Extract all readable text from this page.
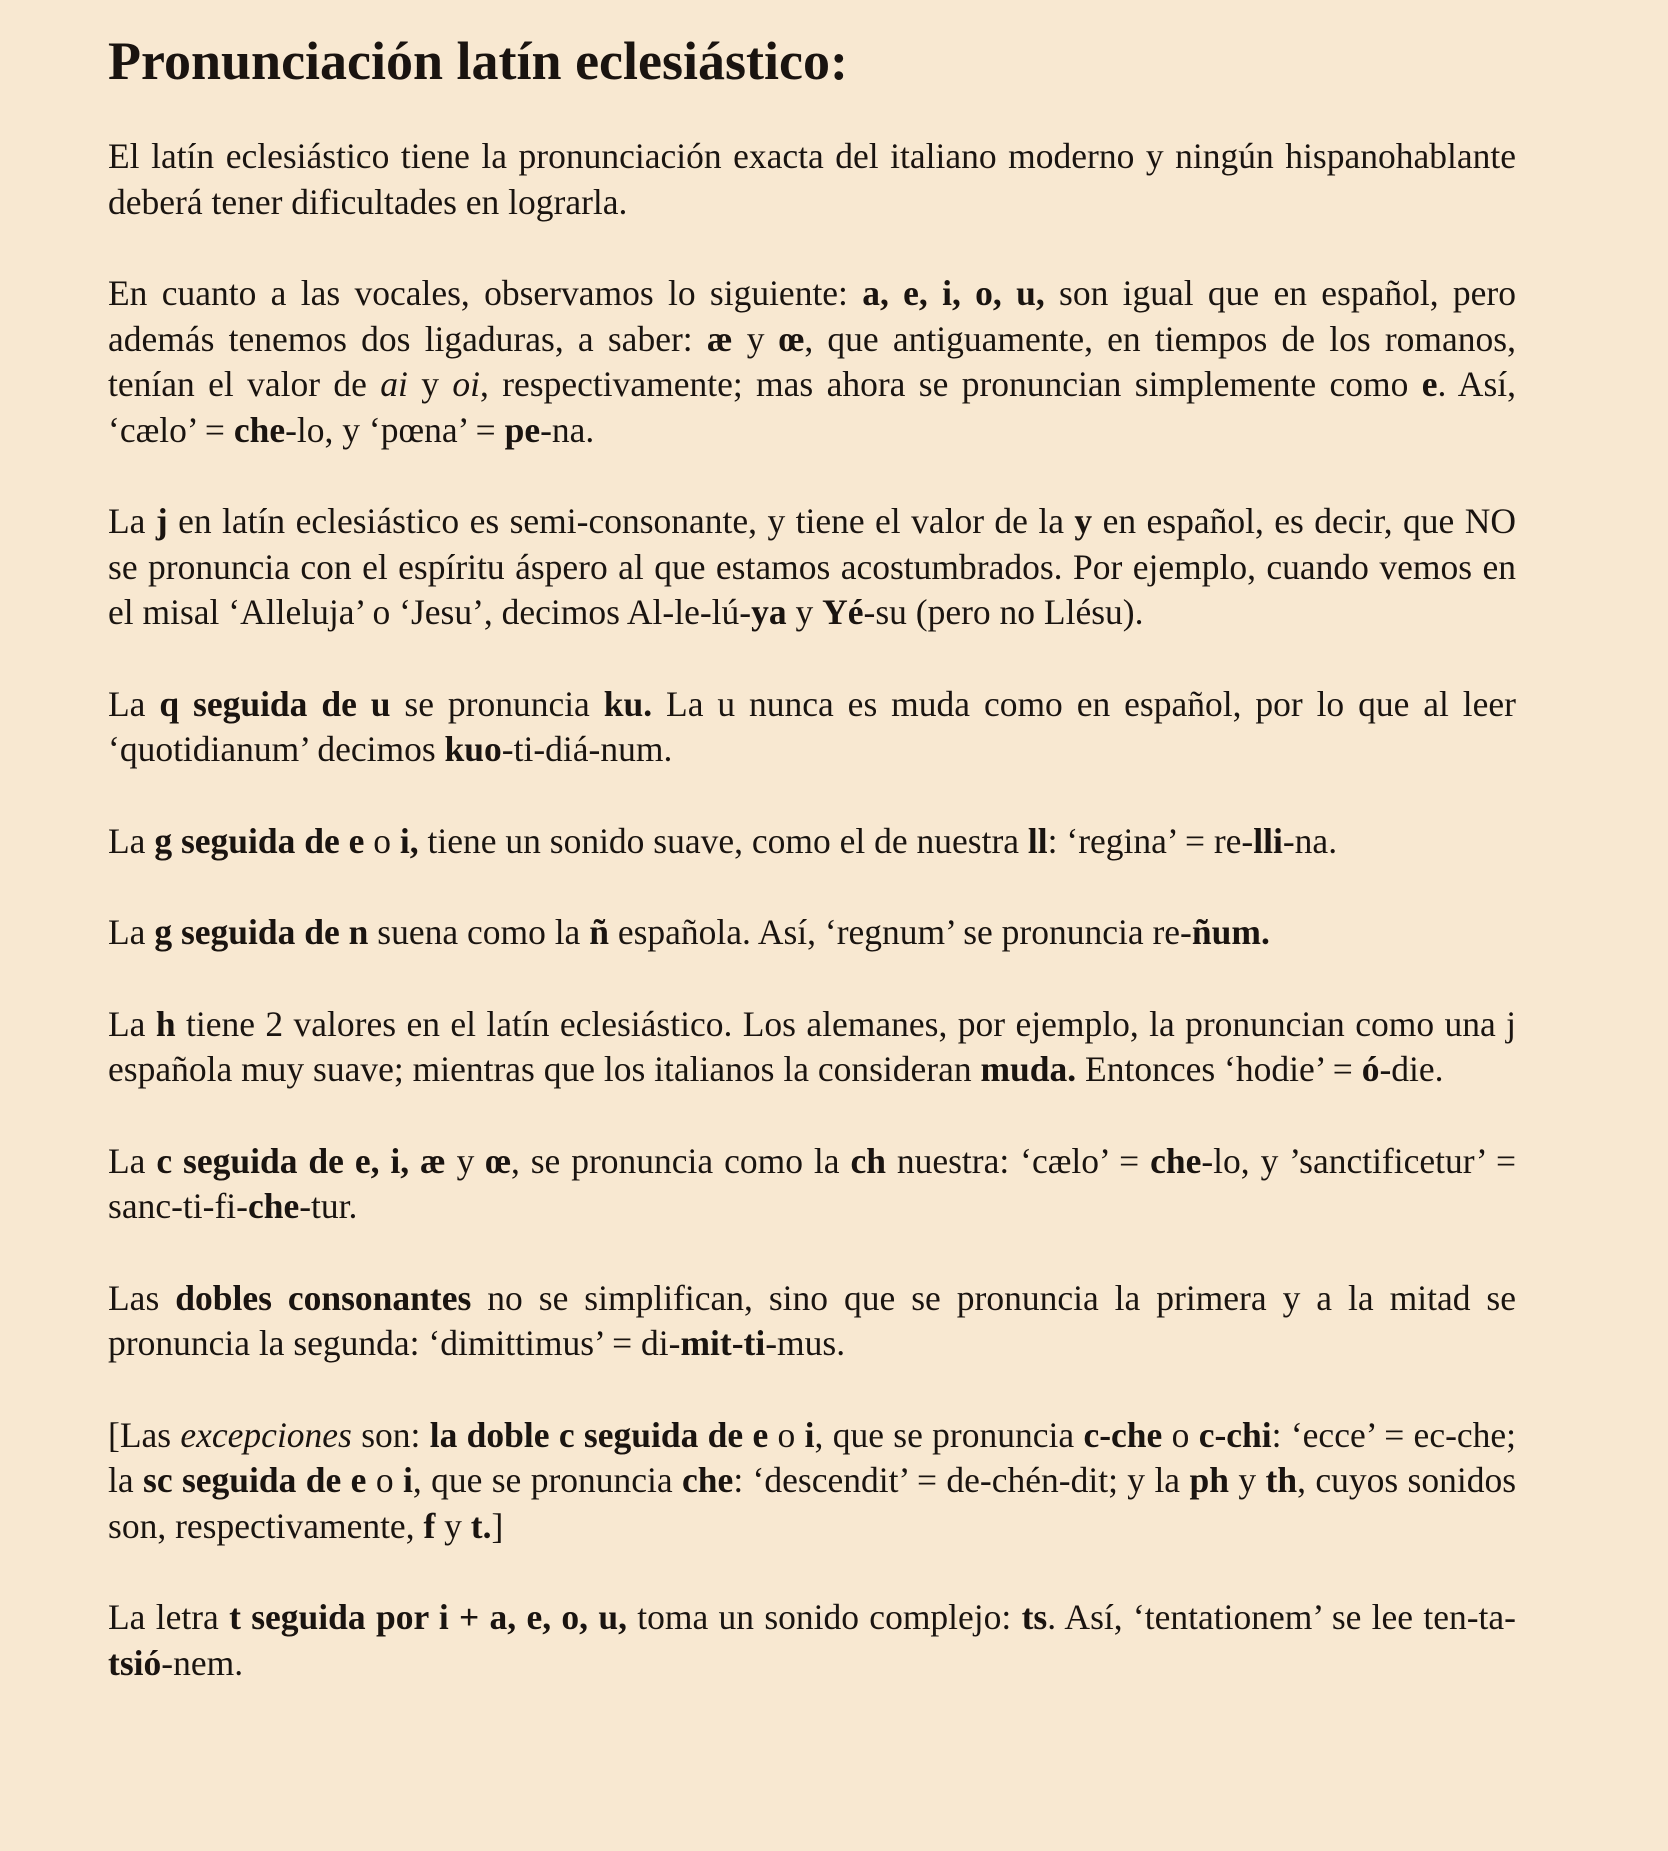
Pronunciación latín eclesiástico:

El latín eclesiástico tiene la pronunciación exacta del italiano moderno y ningún hispanohablante deberá tener dificultades en lograrla.

En cuanto a las vocales, observamos lo siguiente: a, e, i, o, u, son igual que en español, pero además tenemos dos ligaduras, a saber: æ y œ, que antiguamente, en tiempos de los romanos, tenían el valor de ai y oi, respectivamente; mas ahora se pronuncian simplemente como e. Así, ‘cælo’ = che-lo, y ‘pœna’ = pe-na.

La j en latín eclesiástico es semi-consonante, y tiene el valor de la y en español, es decir, que NO se pronuncia con el espíritu áspero al que estamos acostumbrados. Por ejemplo, cuando vemos en el misal ‘Alleluja’ o ‘Jesu’, decimos Al-le-lú-ya y Yé-su (pero no Llésu).

La q seguida de u se pronuncia ku. La u nunca es muda como en español, por lo que al leer ‘quotidianum’ decimos kuo-ti-diá-num.

La g seguida de e o i, tiene un sonido suave, como el de nuestra ll: ‘regina’ = re-lli-na.

La g seguida de n suena como la ñ española. Así, ‘regnum’ se pronuncia re-ñum.

La h tiene 2 valores en el latín eclesiástico. Los alemanes, por ejemplo, la pronuncian como una j española muy suave; mientras que los italianos la consideran muda. Entonces ‘hodie’ = ó-die.

La c seguida de e, i, æ y œ, se pronuncia como la ch nuestra: ‘cælo’ = che-lo, y ’sanctificetur’ = sanc-ti-fi-che-tur.

Las dobles consonantes no se simplifican, sino que se pronuncia la primera y a la mitad se pronuncia la segunda: ‘dimittimus’ = di-mit-ti-mus.

[Las excepciones son: la doble c seguida de e o i, que se pronuncia c-che o c-chi: ‘ecce’ = ec-che; la sc seguida de e o i, que se pronuncia che: ‘descendit’ = de-chén-dit; y la ph y th, cuyos sonidos son, respectivamente, f y t.]

La letra t seguida por i + a, e, o, u, toma un sonido complejo: ts. Así, ‘tentationem’ se lee ten-ta-tsió-nem.
